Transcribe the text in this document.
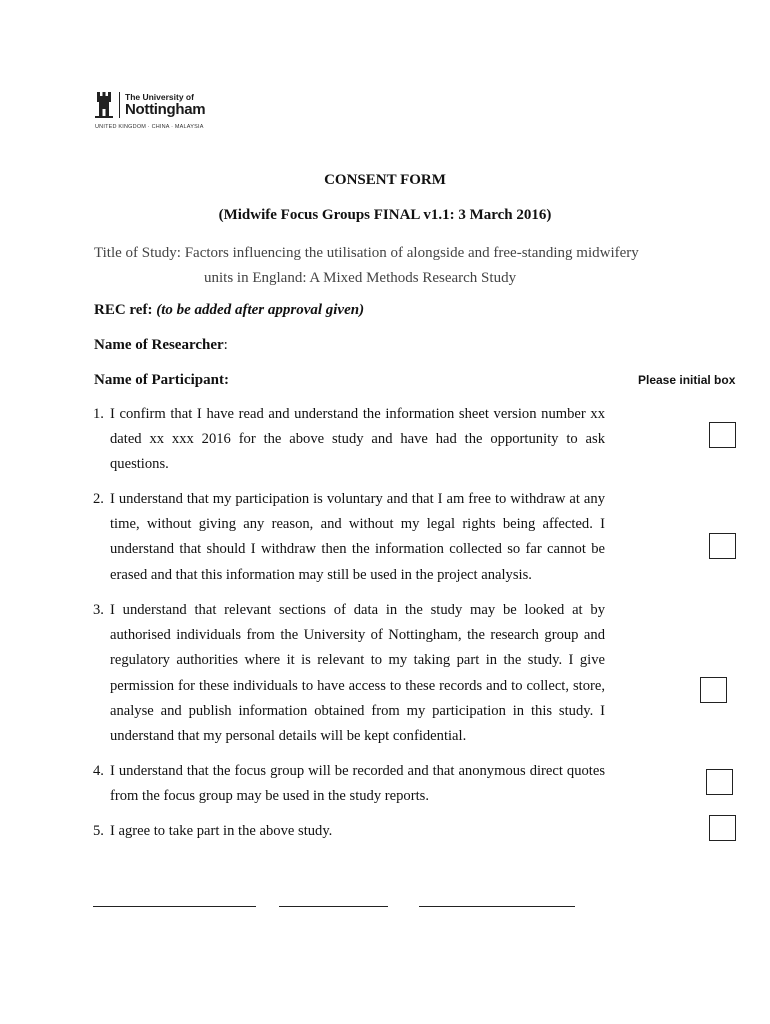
The University of
Nottingham
UNITED KINGDOM · CHINA · MALAYSIA
CONSENT FORM
(Midwife Focus Groups FINAL v1.1: 3 March 2016)
Title of Study: Factors influencing the utilisation of alongside and free-standing midwifery
units in England: A Mixed Methods Research Study
REC ref: (to be added after approval given)
Name of Researcher:
Name of Participant:	Please initial box
1. I confirm that I have read and understand the information sheet version number xx dated xx xxx 2016 for the above study and have had the opportunity to ask questions.
2. I understand that my participation is voluntary and that I am free to withdraw at any time, without giving any reason, and without my legal rights being affected. I understand that should I withdraw then the information collected so far cannot be erased and that this information may still be used in the project analysis.
3. I understand that relevant sections of data in the study may be looked at by authorised individuals from the University of Nottingham, the research group and regulatory authorities where it is relevant to my taking part in the study. I give permission for these individuals to have access to these records and to collect, store, analyse and publish information obtained from my participation in this study. I understand that my personal details will be kept confidential.
4. I understand that the focus group will be recorded and that anonymous direct quotes from the focus group may be used in the study reports.
5. I agree to take part in the above study.
